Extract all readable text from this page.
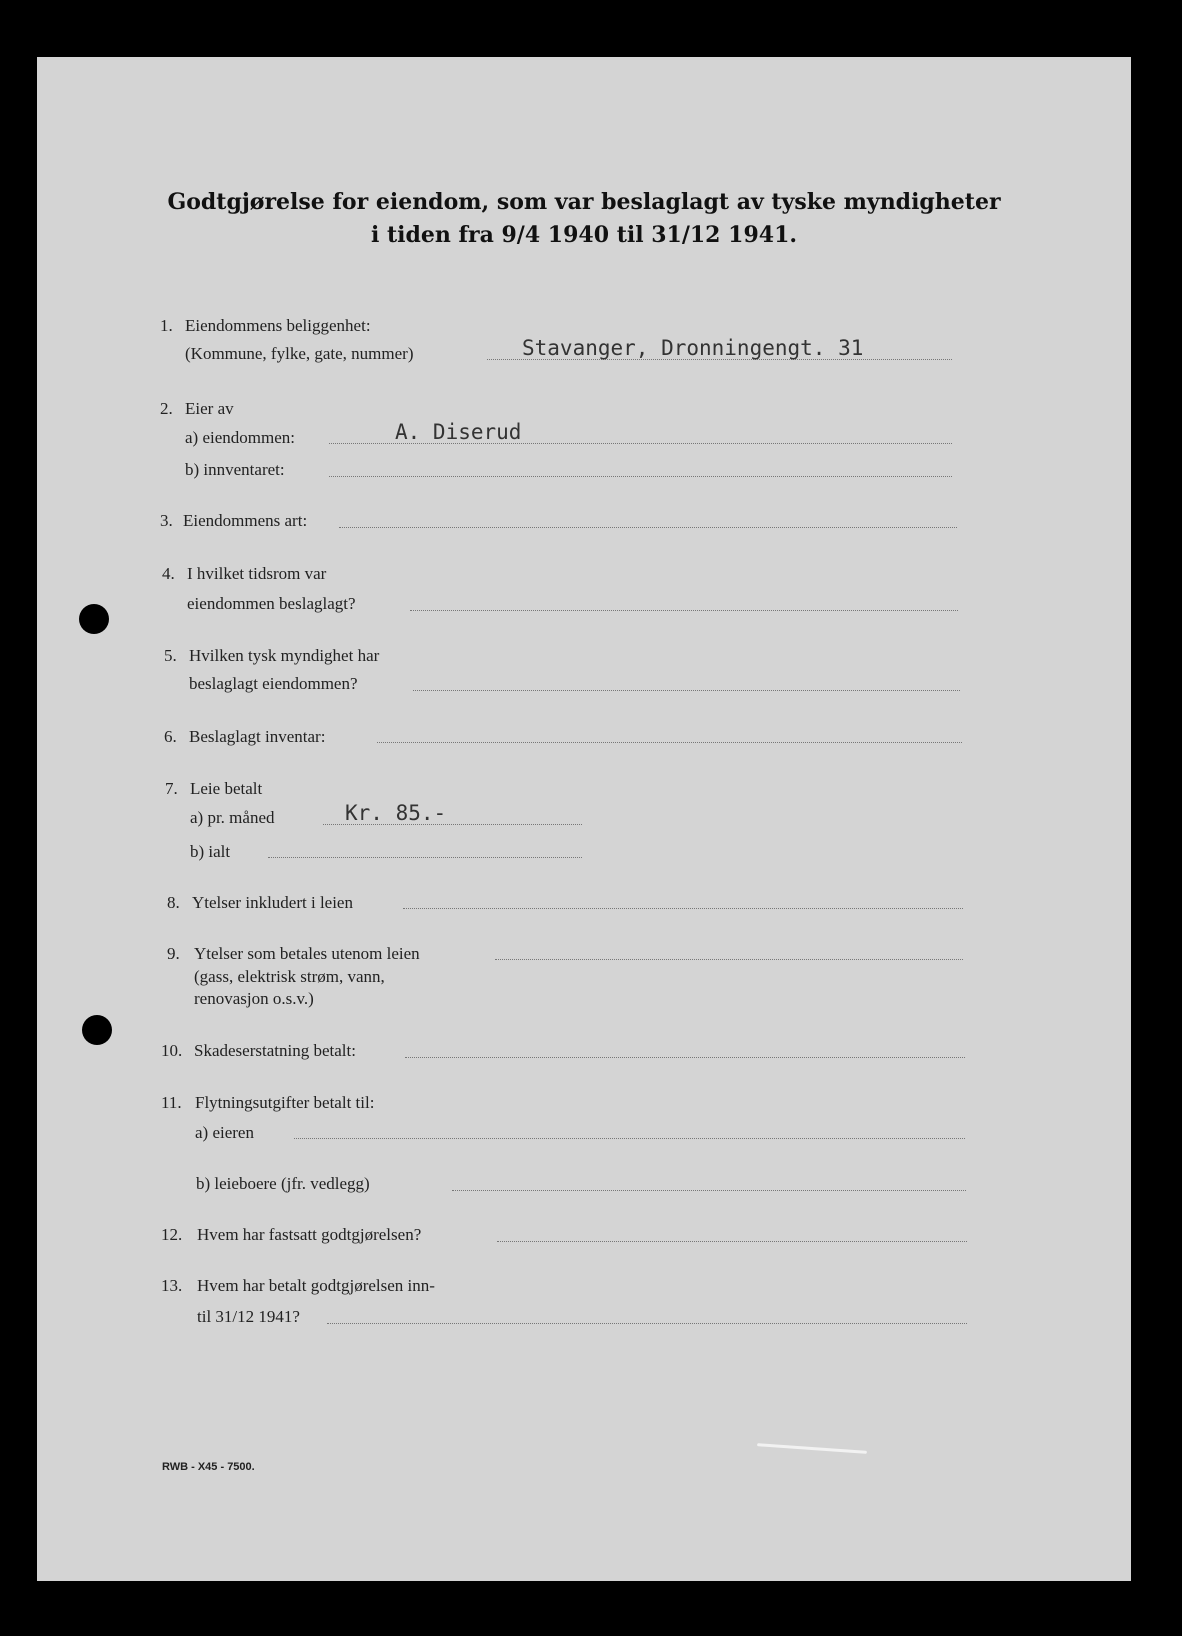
Godtgjørelse for eiendom, som var beslaglagt av tyske myndigheter
i tiden fra 9/4 1940 til 31/12 1941.
1. Eiendommens beliggenhet:
(Kommune, fylke, gate, nummer)	Stavanger, Dronningengt. 31
2. Eier av
a) eiendommen:	A. Diserud
b) innventaret:
3. Eiendommens art:
4. I hvilket tidsrom var
eiendommen beslaglagt?
5. Hvilken tysk myndighet har
beslaglagt eiendommen?
6. Beslaglagt inventar:
7. Leie betalt
a) pr. måned	Kr. 85.-
b) ialt
8. Ytelser inkludert i leien
9. Ytelser som betales utenom leien
(gass, elektrisk strøm, vann,
renovasjon o.s.v.)
10. Skadeserstatning betalt:
11. Flytningsutgifter betalt til:
a) eieren
b) leieboere (jfr. vedlegg)
12. Hvem har fastsatt godtgjørelsen?
13. Hvem har betalt godtgjørelsen inn-
til 31/12 1941?
RWB - X45 - 7500.
